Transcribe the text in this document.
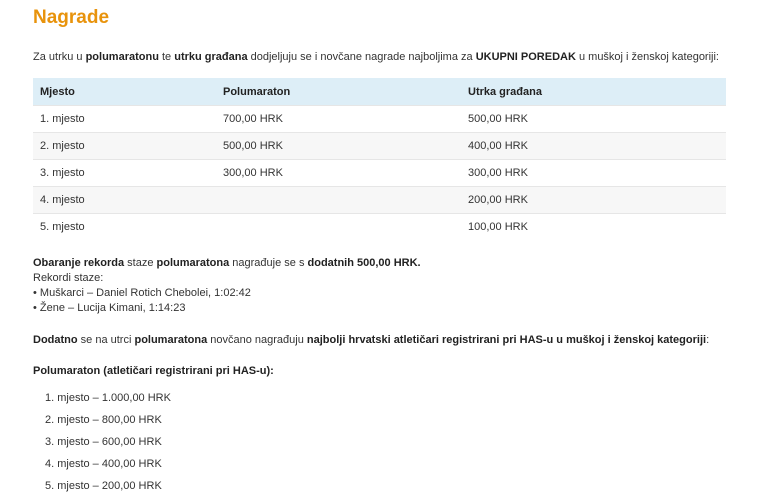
Nagrade

Za utrku u polumaratonu te utrku građana dodjeljuju se i novčane nagrade najboljima za UKUPNI POREDAK u muškoj i ženskoj kategoriji:

Mjesto	Polumaraton	Utrka građana
1. mjesto	700,00 HRK	500,00 HRK
2. mjesto	500,00 HRK	400,00 HRK
3. mjesto	300,00 HRK	300,00 HRK
4. mjesto		200,00 HRK
5. mjesto		100,00 HRK
Obaranje rekorda staze polumaratona nagrađuje se s dodatnih 500,00 HRK.
Rekordi staze:
• Muškarci – Daniel Rotich Chebolei, 1:02:42
• Žene – Lucija Kimani, 1:14:23

Dodatno se na utrci polumaratona novčano nagrađuju najbolji hrvatski atletičari registrirani pri HAS-u u muškoj i ženskoj kategoriji:

Polumaraton (atletičari registrirani pri HAS-u):

1. mjesto – 1.000,00 HRK
2. mjesto – 800,00 HRK
3. mjesto – 600,00 HRK
4. mjesto – 400,00 HRK
5. mjesto – 200,00 HRK
